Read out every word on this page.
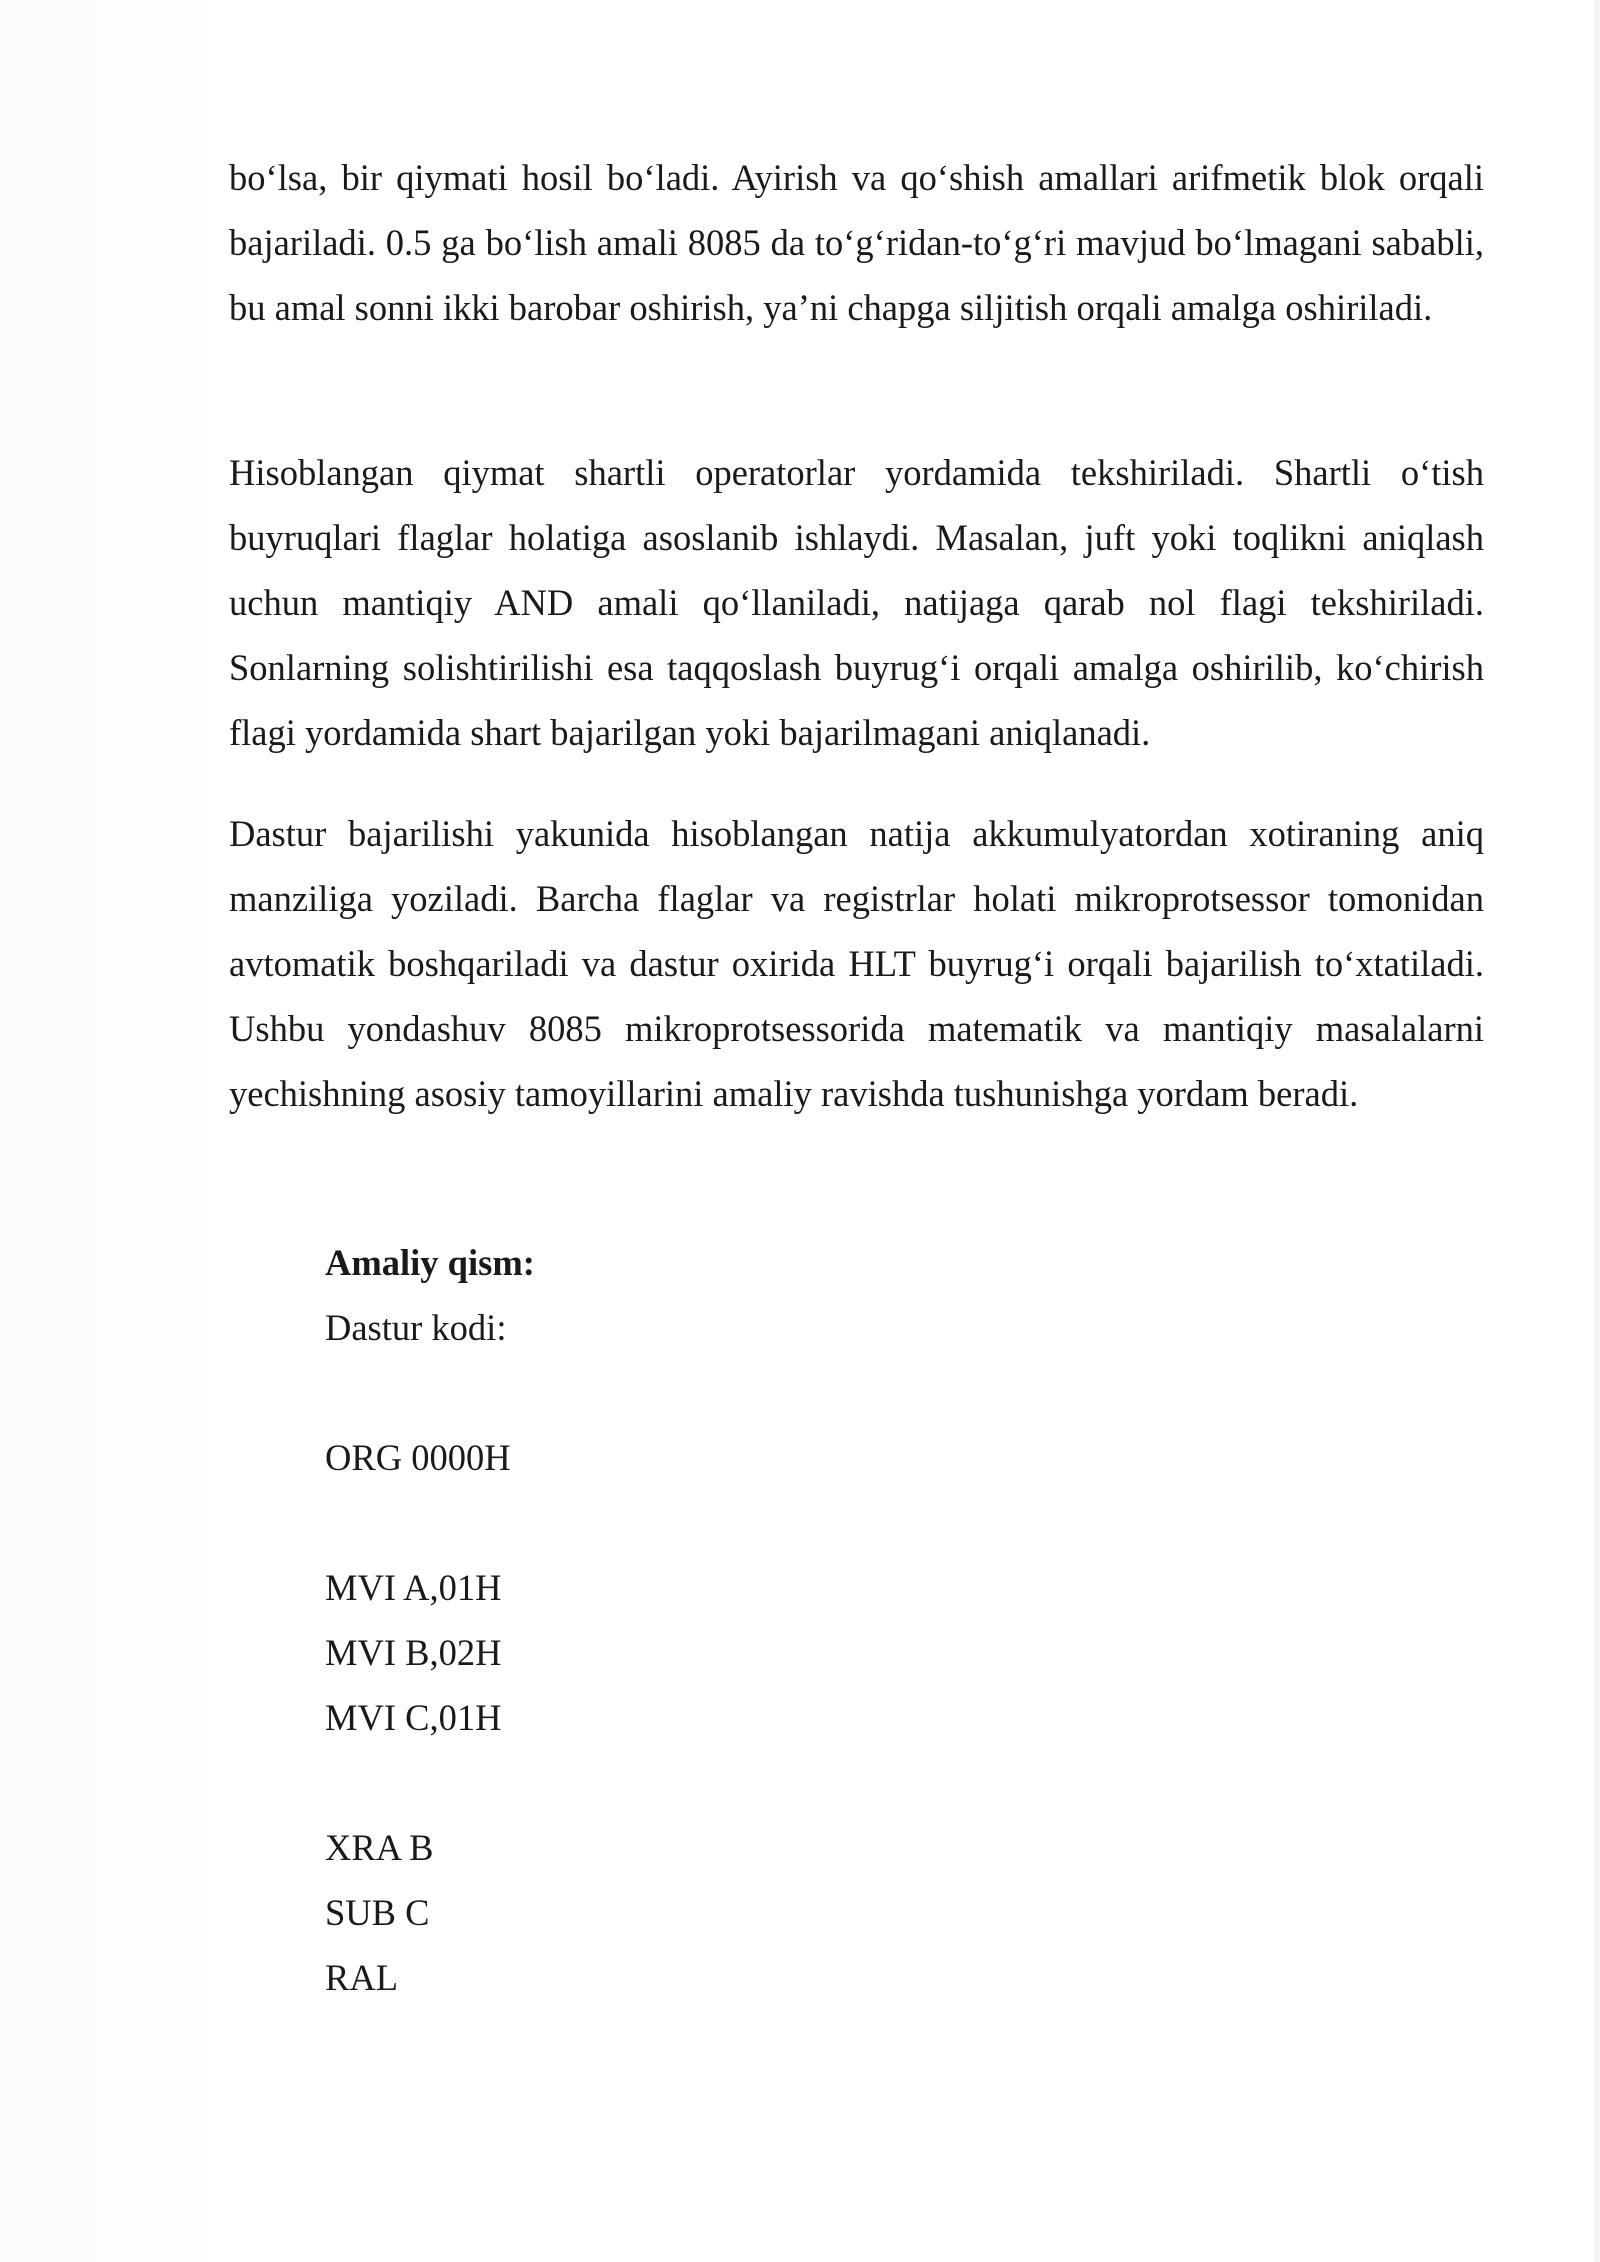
bo‘lsa, bir qiymati hosil bo‘ladi. Ayirish va qo‘shish amallari arifmetik blok orqali bajariladi. 0.5 ga bo‘lish amali 8085 da to‘g‘ridan-to‘g‘ri mavjud bo‘lmagani sababli, bu amal sonni ikki barobar oshirish, ya’ni chapga siljitish orqali amalga oshiriladi.

Hisoblangan qiymat shartli operatorlar yordamida tekshiriladi. Shartli o‘tish buyruqlari flaglar holatiga asoslanib ishlaydi. Masalan, juft yoki toqlikni aniqlash uchun mantiqiy AND amali qo‘llaniladi, natijaga qarab nol flagi tekshiriladi. Sonlarning solishtirilishi esa taqqoslash buyrug‘i orqali amalga oshirilib, ko‘chirish flagi yordamida shart bajarilgan yoki bajarilmagani aniqlanadi.

Dastur bajarilishi yakunida hisoblangan natija akkumulyatordan xotiraning aniq manziliga yoziladi. Barcha flaglar va registrlar holati mikroprotsessor tomonidan avtomatik boshqariladi va dastur oxirida HLT buyrug‘i orqali bajarilish to‘xtatiladi. Ushbu yondashuv 8085 mikroprotsessorida matematik va mantiqiy masalalarni yechishning asosiy tamoyillarini amaliy ravishda tushunishga yordam beradi.

Amaliy qism:
Dastur kodi:
ORG 0000H
MVI A,01H
MVI B,02H
MVI C,01H
XRA B
SUB C
RAL
